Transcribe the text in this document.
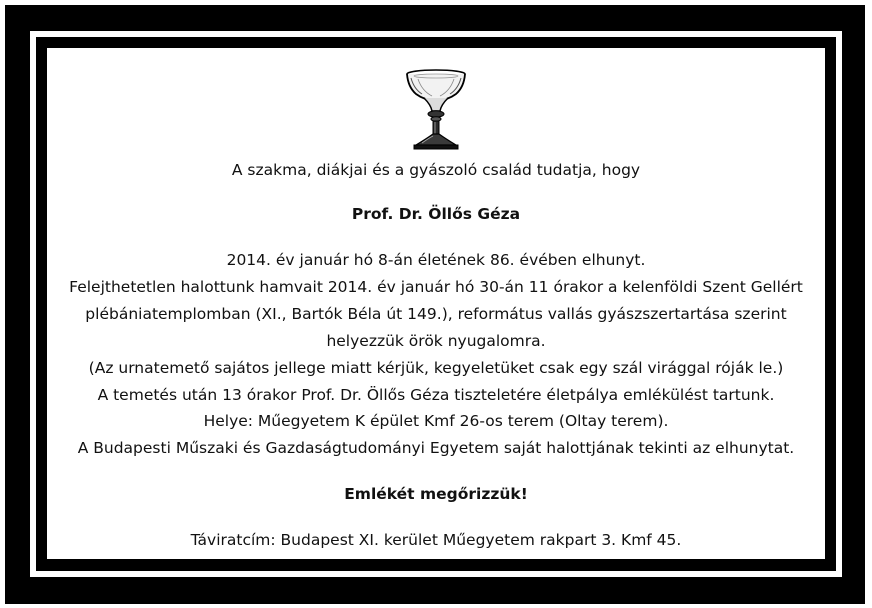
A szakma, diákjai és a gyászoló család tudatja, hogy
Prof. Dr. Öllős Géza
2014. év január hó 8-án életének 86. évében elhunyt.
Felejthetetlen halottunk hamvait 2014. év január hó 30-án 11 órakor a kelenföldi Szent Gellért
plébániatemplomban (XI., Bartók Béla út 149.), református vallás gyászszertartása szerint
helyezzük örök nyugalomra.
(Az urnatemető sajátos jellege miatt kérjük, kegyeletüket csak egy szál virággal róják le.)
A temetés után 13 órakor Prof. Dr. Öllős Géza tiszteletére életpálya emlékülést tartunk.
Helye: Műegyetem K épület Kmf 26-os terem (Oltay terem).
A Budapesti Műszaki és Gazdaságtudományi Egyetem saját halottjának tekinti az elhunytat.
Emlékét megőrizzük!
Táviratcím: Budapest XI. kerület Műegyetem rakpart 3. Kmf 45.
